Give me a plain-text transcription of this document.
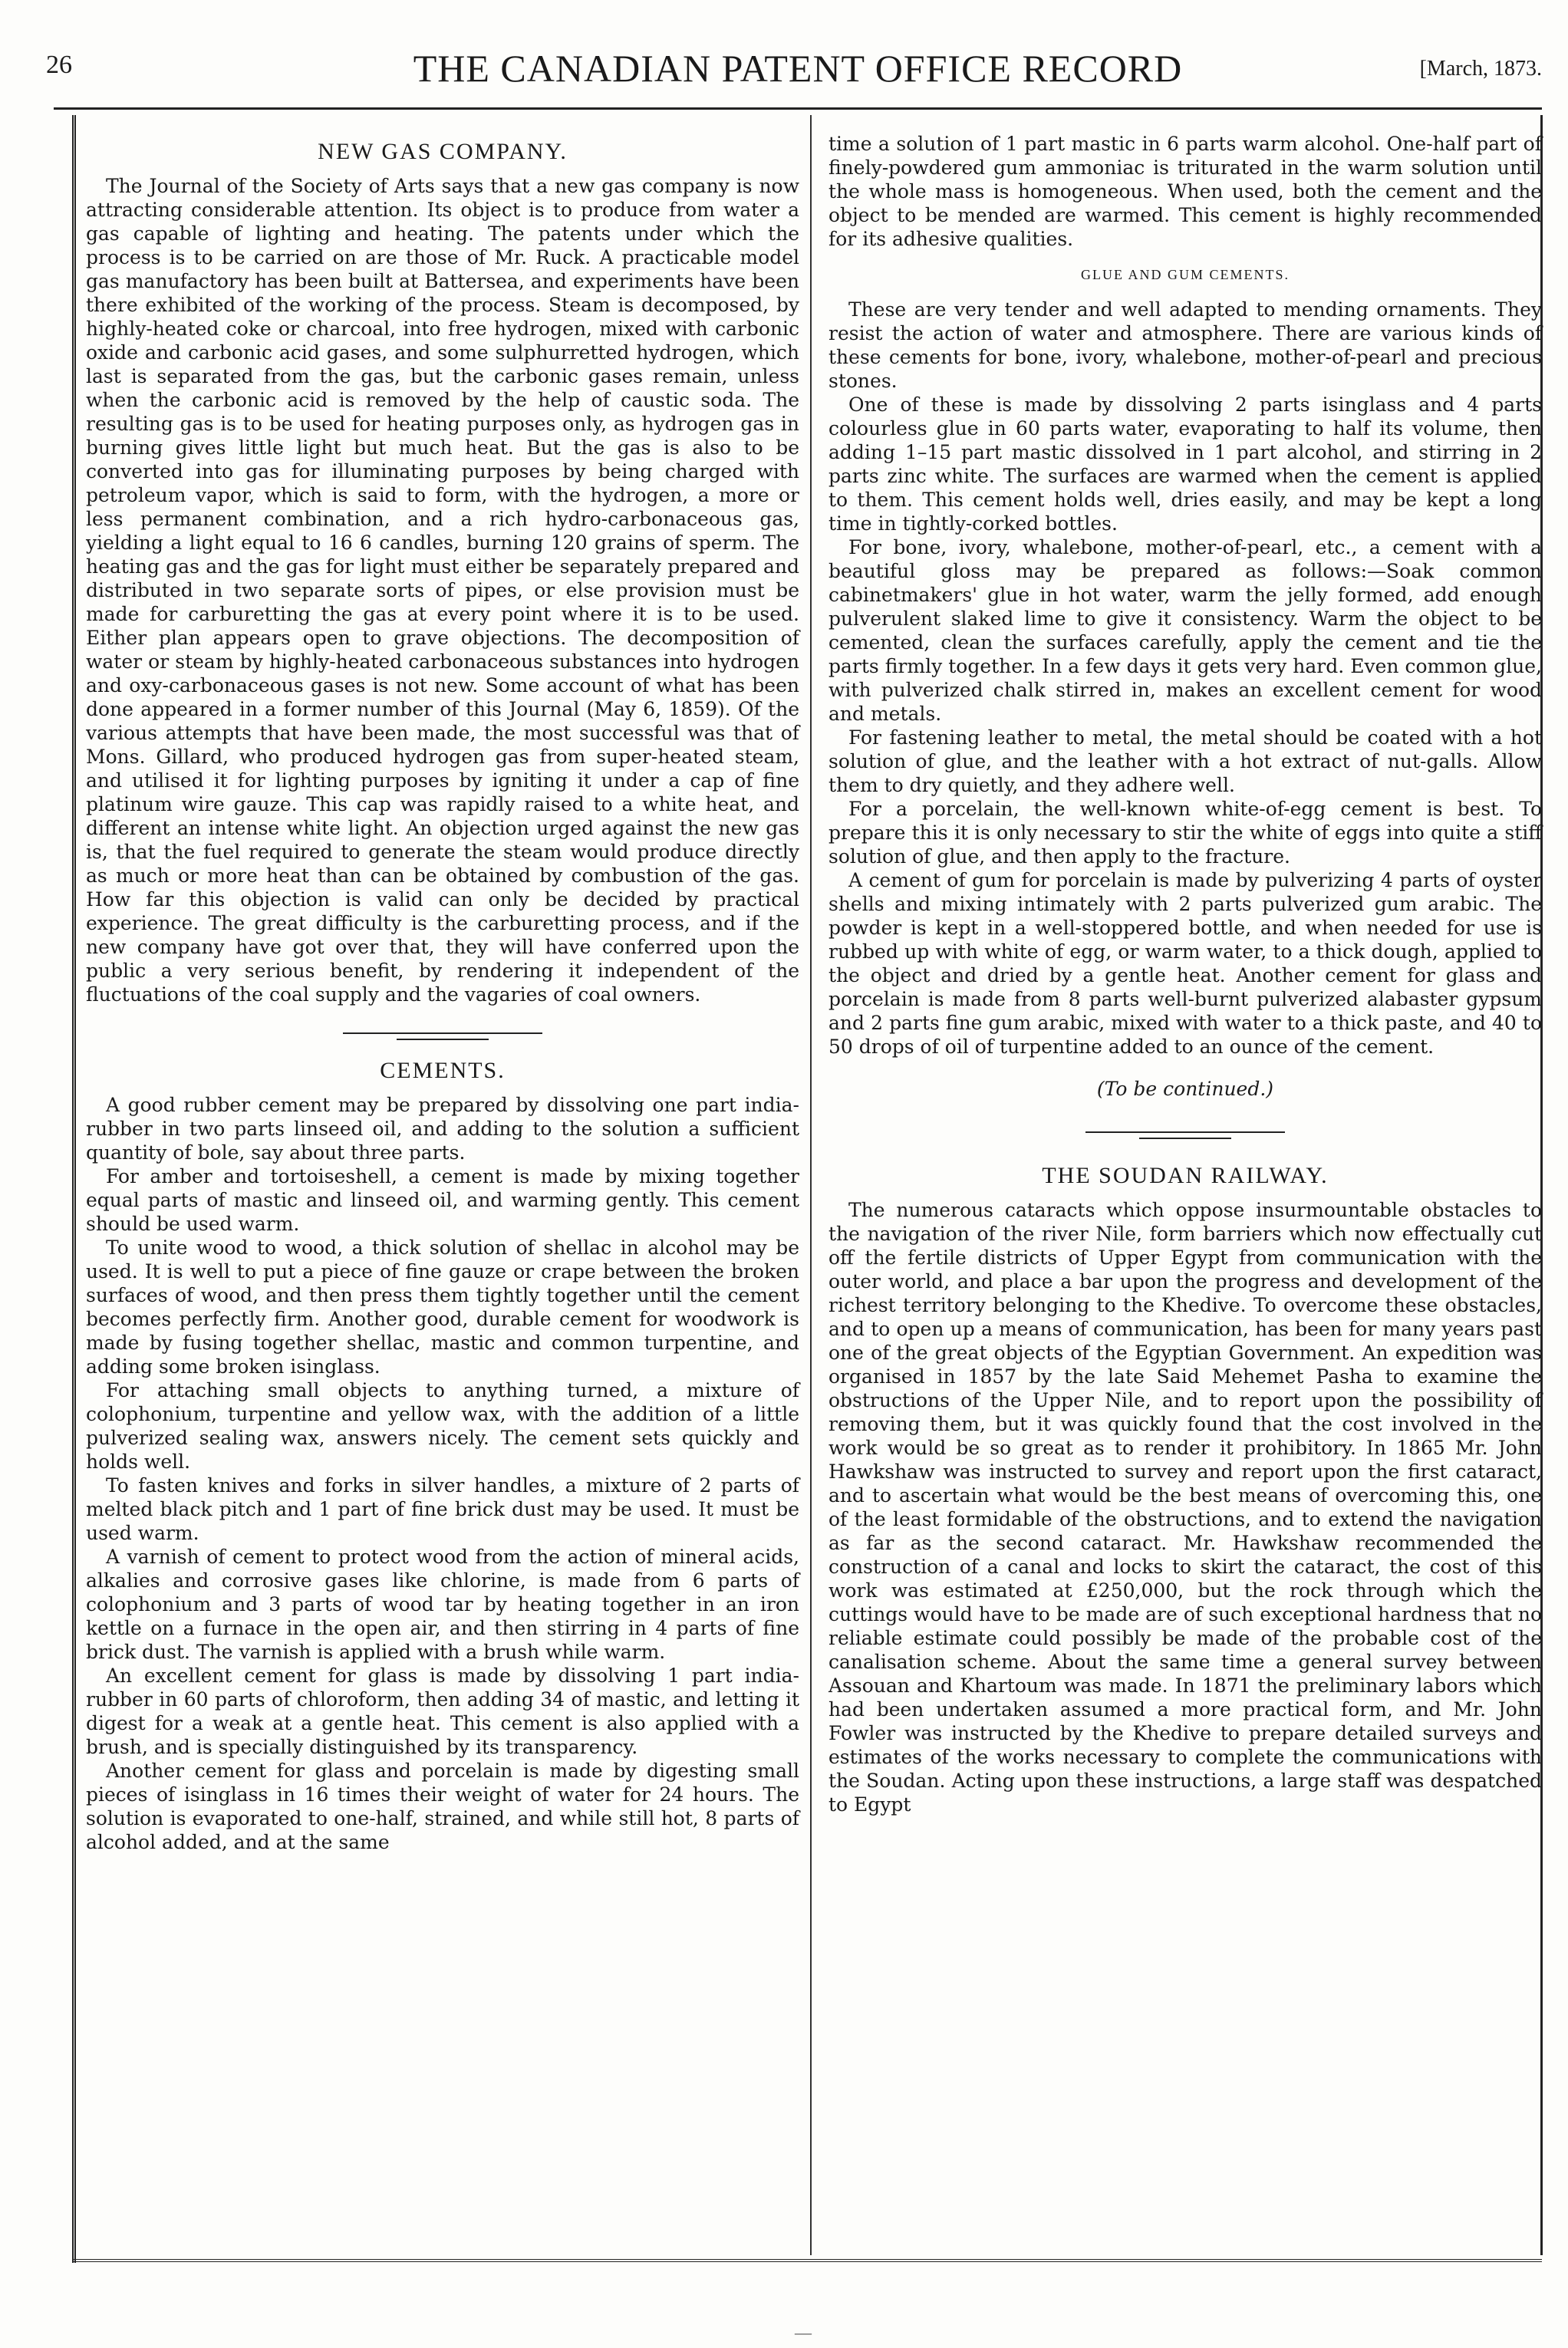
26	THE CANADIAN PATENT OFFICE RECORD	[March, 1873.
NEW GAS COMPANY.

The Journal of the Society of Arts says that a new gas company is now attracting considerable attention. Its object is to produce from water a gas capable of lighting and heating. The patents under which the process is to be carried on are those of Mr. Ruck. A practicable model gas manufactory has been built at Battersea, and experiments have been there exhibited of the working of the process. Steam is decomposed, by highly-heated coke or charcoal, into free hydrogen, mixed with carbonic oxide and carbonic acid gases, and some sulphurretted hydrogen, which last is separated from the gas, but the carbonic gases remain, unless when the carbonic acid is removed by the help of caustic soda. The resulting gas is to be used for heating purposes only, as hydrogen gas in burning gives little light but much heat. But the gas is also to be converted into gas for illuminating purposes by being charged with petroleum vapor, which is said to form, with the hydrogen, a more or less permanent combination, and a rich hydro-carbonaceous gas, yielding a light equal to 16 6 candles, burning 120 grains of sperm. The heating gas and the gas for light must either be separately prepared and distributed in two separate sorts of pipes, or else provision must be made for carburetting the gas at every point where it is to be used. Either plan appears open to grave objections. The decomposition of water or steam by highly-heated carbonaceous substances into hydrogen and oxy-carbonaceous gases is not new. Some account of what has been done appeared in a former number of this Journal (May 6, 1859). Of the various attempts that have been made, the most successful was that of Mons. Gillard, who produced hydrogen gas from super-heated steam, and utilised it for lighting purposes by igniting it under a cap of fine platinum wire gauze. This cap was rapidly raised to a white heat, and different an intense white light. An objection urged against the new gas is, that the fuel required to generate the steam would produce directly as much or more heat than can be obtained by combustion of the gas. How far this objection is valid can only be decided by practical experience. The great difficulty is the carburetting process, and if the new company have got over that, they will have conferred upon the public a very serious benefit, by rendering it independent of the fluctuations of the coal supply and the vagaries of coal owners.

CEMENTS.

A good rubber cement may be prepared by dissolving one part india-rubber in two parts linseed oil, and adding to the solution a sufficient quantity of bole, say about three parts.

For amber and tortoiseshell, a cement is made by mixing together equal parts of mastic and linseed oil, and warming gently. This cement should be used warm.

To unite wood to wood, a thick solution of shellac in alcohol may be used. It is well to put a piece of fine gauze or crape between the broken surfaces of wood, and then press them tightly together until the cement becomes perfectly firm. Another good, durable cement for woodwork is made by fusing together shellac, mastic and common turpentine, and adding some broken isinglass.

For attaching small objects to anything turned, a mixture of colophonium, turpentine and yellow wax, with the addition of a little pulverized sealing wax, answers nicely. The cement sets quickly and holds well.

To fasten knives and forks in silver handles, a mixture of 2 parts of melted black pitch and 1 part of fine brick dust may be used. It must be used warm.

A varnish of cement to protect wood from the action of mineral acids, alkalies and corrosive gases like chlorine, is made from 6 parts of colophonium and 3 parts of wood tar by heating together in an iron kettle on a furnace in the open air, and then stirring in 4 parts of fine brick dust. The varnish is applied with a brush while warm.

An excellent cement for glass is made by dissolving 1 part india-rubber in 60 parts of chloroform, then adding 34 of mastic, and letting it digest for a weak at a gentle heat. This cement is also applied with a brush, and is specially distinguished by its transparency.

Another cement for glass and porcelain is made by digesting small pieces of isinglass in 16 times their weight of water for 24 hours. The solution is evaporated to one-half, strained, and while still hot, 8 parts of alcohol added, and at the same

time a solution of 1 part mastic in 6 parts warm alcohol. One-half part of finely-powdered gum ammoniac is triturated in the warm solution until the whole mass is homogeneous. When used, both the cement and the object to be mended are warmed. This cement is highly recommended for its adhesive qualities.

GLUE AND GUM CEMENTS.

These are very tender and well adapted to mending ornaments. They resist the action of water and atmosphere. There are various kinds of these cements for bone, ivory, whalebone, mother-of-pearl and precious stones.

One of these is made by dissolving 2 parts isinglass and 4 parts colourless glue in 60 parts water, evaporating to half its volume, then adding 1–15 part mastic dissolved in 1 part alcohol, and stirring in 2 parts zinc white. The surfaces are warmed when the cement is applied to them. This cement holds well, dries easily, and may be kept a long time in tightly-corked bottles.

For bone, ivory, whalebone, mother-of-pearl, etc., a cement with a beautiful gloss may be prepared as follows:—Soak common cabinetmakers' glue in hot water, warm the jelly formed, add enough pulverulent slaked lime to give it consistency. Warm the object to be cemented, clean the surfaces carefully, apply the cement and tie the parts firmly together. In a few days it gets very hard. Even common glue, with pulverized chalk stirred in, makes an excellent cement for wood and metals.

For fastening leather to metal, the metal should be coated with a hot solution of glue, and the leather with a hot extract of nut-galls. Allow them to dry quietly, and they adhere well.

For a porcelain, the well-known white-of-egg cement is best. To prepare this it is only necessary to stir the white of eggs into quite a stiff solution of glue, and then apply to the fracture.

A cement of gum for porcelain is made by pulverizing 4 parts of oyster shells and mixing intimately with 2 parts pulverized gum arabic. The powder is kept in a well-stoppered bottle, and when needed for use is rubbed up with white of egg, or warm water, to a thick dough, applied to the object and dried by a gentle heat. Another cement for glass and porcelain is made from 8 parts well-burnt pulverized alabaster gypsum and 2 parts fine gum arabic, mixed with water to a thick paste, and 40 to 50 drops of oil of turpentine added to an ounce of the cement.

(To be continued.)
THE SOUDAN RAILWAY.

The numerous cataracts which oppose insurmountable obstacles to the navigation of the river Nile, form barriers which now effectually cut off the fertile districts of Upper Egypt from communication with the outer world, and place a bar upon the progress and development of the richest territory belonging to the Khedive. To overcome these obstacles, and to open up a means of communication, has been for many years past one of the great objects of the Egyptian Government. An expedition was organised in 1857 by the late Said Mehemet Pasha to examine the obstructions of the Upper Nile, and to report upon the possibility of removing them, but it was quickly found that the cost involved in the work would be so great as to render it prohibitory. In 1865 Mr. John Hawkshaw was instructed to survey and report upon the first cataract, and to ascertain what would be the best means of overcoming this, one of the least formidable of the obstructions, and to extend the navigation as far as the second cataract. Mr. Hawkshaw recommended the construction of a canal and locks to skirt the cataract, the cost of this work was estimated at £250,000, but the rock through which the cuttings would have to be made are of such exceptional hardness that no reliable estimate could possibly be made of the probable cost of the canalisation scheme. About the same time a general survey between Assouan and Khartoum was made. In 1871 the preliminary labors which had been undertaken assumed a more practical form, and Mr. John Fowler was instructed by the Khedive to prepare detailed surveys and estimates of the works necessary to complete the communications with the Soudan. Acting upon these instructions, a large staff was despatched to Egypt

—
